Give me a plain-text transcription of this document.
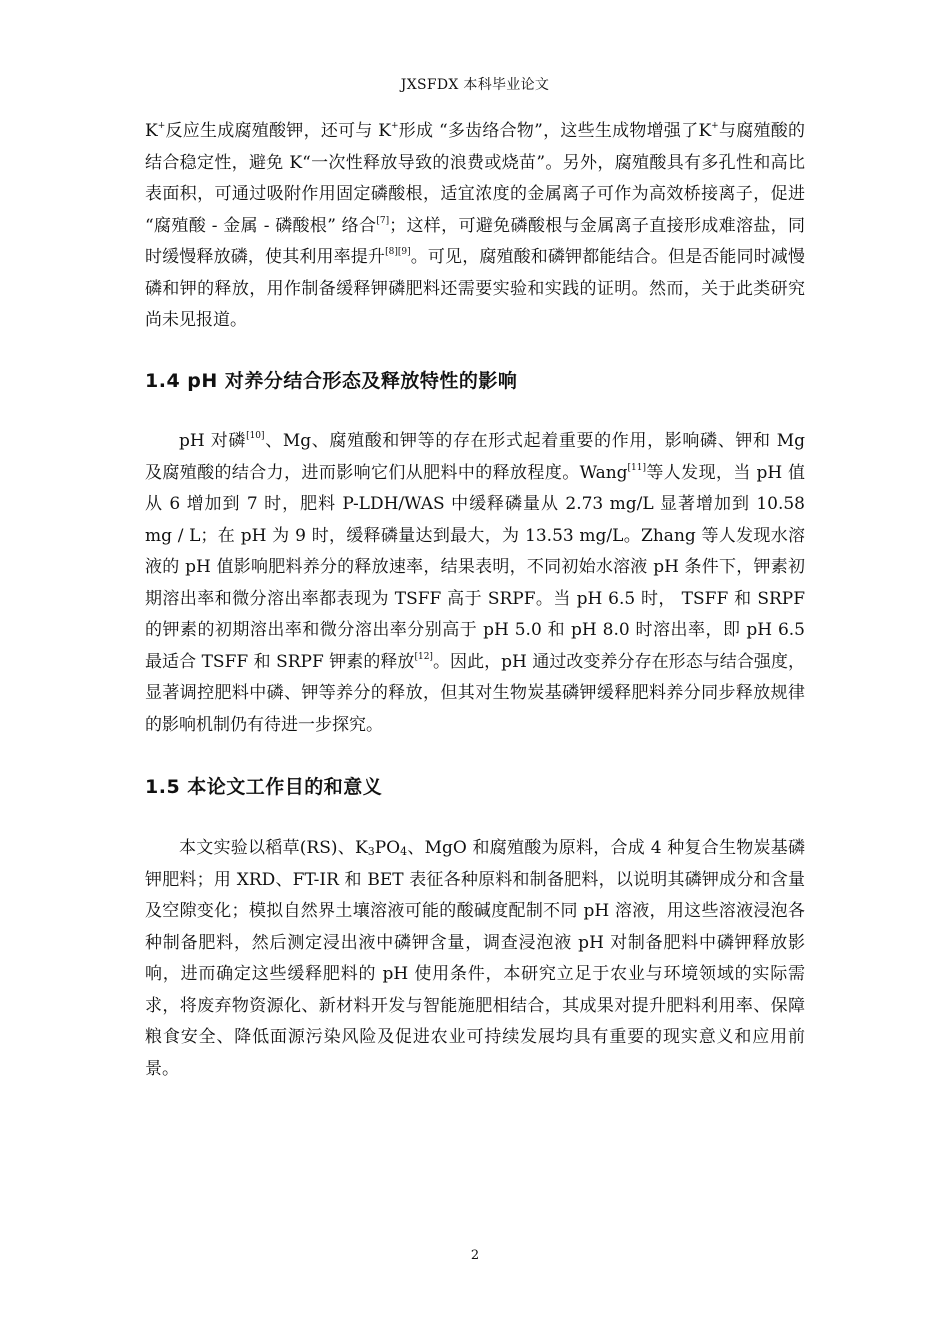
JXSFDX 本科毕业论文

K+反应生成腐殖酸钾，还可与 K+形成 “多齿络合物”，这些生成物增强了K+与腐殖酸的结合稳定性，避免 K“一次性释放导致的浪费或烧苗”。另外，腐殖酸具有多孔性和高比表面积，可通过吸附作用固定磷酸根，适宜浓度的金属离子可作为高效桥接离子，促进 “腐殖酸 - 金属 - 磷酸根” 络合[7]；这样，可避免磷酸根与金属离子直接形成难溶盐，同时缓慢释放磷，使其利用率提升[8][9]。可见，腐殖酸和磷钾都能结合。但是否能同时减慢磷和钾的释放，用作制备缓释钾磷肥料还需要实验和实践的证明。然而，关于此类研究尚未见报道。

1.4 pH 对养分结合形态及释放特性的影响

pH 对磷[10]、Mg、腐殖酸和钾等的存在形式起着重要的作用，影响磷、钾和 Mg 及腐殖酸的结合力，进而影响它们从肥料中的释放程度。Wang[11]等人发现，当 pH 值从 6 增加到 7 时，肥料 P-LDH/WAS 中缓释磷量从 2.73 mg/L 显著增加到 10.58 mg / L；在 pH 为 9 时，缓释磷量达到最大，为 13.53 mg/L。Zhang 等人发现水溶液的 pH 值影响肥料养分的释放速率，结果表明，不同初始水溶液 pH 条件下，钾素初期溶出率和微分溶出率都表现为 TSFF 高于 SRPF。当 pH 6.5 时， TSFF 和 SRPF 的钾素的初期溶出率和微分溶出率分别高于 pH 5.0 和 pH 8.0 时溶出率，即 pH 6.5 最适合 TSFF 和 SRPF 钾素的释放[12]。因此，pH 通过改变养分存在形态与结合强度，显著调控肥料中磷、钾等养分的释放，但其对生物炭基磷钾缓释肥料养分同步释放规律的影响机制仍有待进一步探究。

1.5 本论文工作目的和意义

本文实验以稻草(RS)、$K_3PO_4$、MgO 和腐殖酸为原料，合成 4 种复合生物炭基磷钾肥料；用 XRD、FT-IR 和 BET 表征各种原料和制备肥料，以说明其磷钾成分和含量及空隙变化；模拟自然界土壤溶液可能的酸碱度配制不同 pH 溶液，用这些溶液浸泡各种制备肥料，然后测定浸出液中磷钾含量，调查浸泡液 pH 对制备肥料中磷钾释放影响，进而确定这些缓释肥料的 pH 使用条件，本研究立足于农业与环境领域的实际需求，将废弃物资源化、新材料开发与智能施肥相结合，其成果对提升肥料利用率、保障粮食安全、降低面源污染风险及促进农业可持续发展均具有重要的现实意义和应用前景。

2
